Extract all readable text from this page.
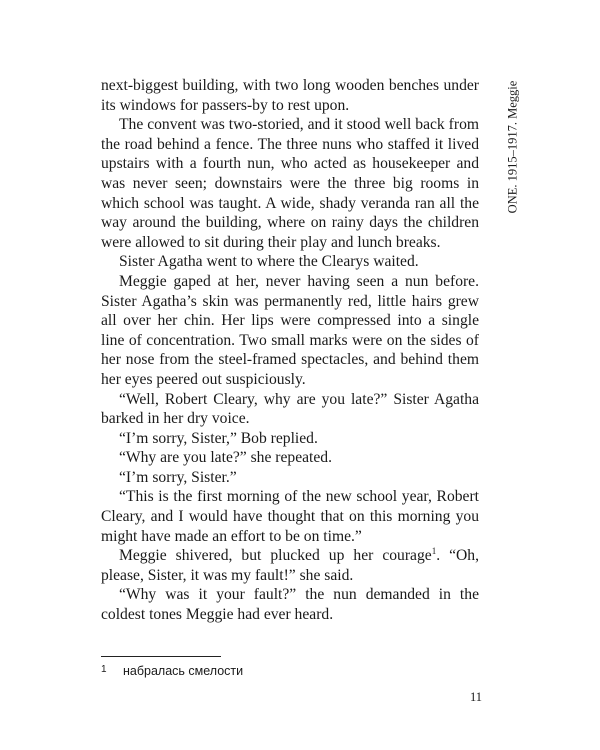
ONE. 1915–1917. Meggie

next-biggest building, with two long wooden benches under its windows for passers-by to rest upon.

The convent was two-storied, and it stood well back from the road behind a fence. The three nuns who staffed it lived upstairs with a fourth nun, who acted as housekeeper and was never seen; downstairs were the three big rooms in which school was taught. A wide, shady veranda ran all the way around the building, where on rainy days the children were allowed to sit during their play and lunch breaks.

Sister Agatha went to where the Clearys waited.

Meggie gaped at her, never having seen a nun before. Sister Agatha’s skin was permanently red, little hairs grew all over her chin. Her lips were compressed into a single line of concentration. Two small marks were on the sides of her nose from the steel-framed spectacles, and behind them her eyes peered out suspiciously.

“Well, Robert Cleary, why are you late?” Sister Agatha barked in her dry voice.

“I’m sorry, Sister,” Bob replied.

“Why are you late?” she repeated.

“I’m sorry, Sister.”

“This is the first morning of the new school year, Robert Cleary, and I would have thought that on this morning you might have made an effort to be on time.”

Meggie shivered, but plucked up her courage$^1$. “Oh, please, Sister, it was my fault!” she said.

“Why was it your fault?” the nun demanded in the coldest tones Meggie had ever heard.

1 набралась смелости
11
